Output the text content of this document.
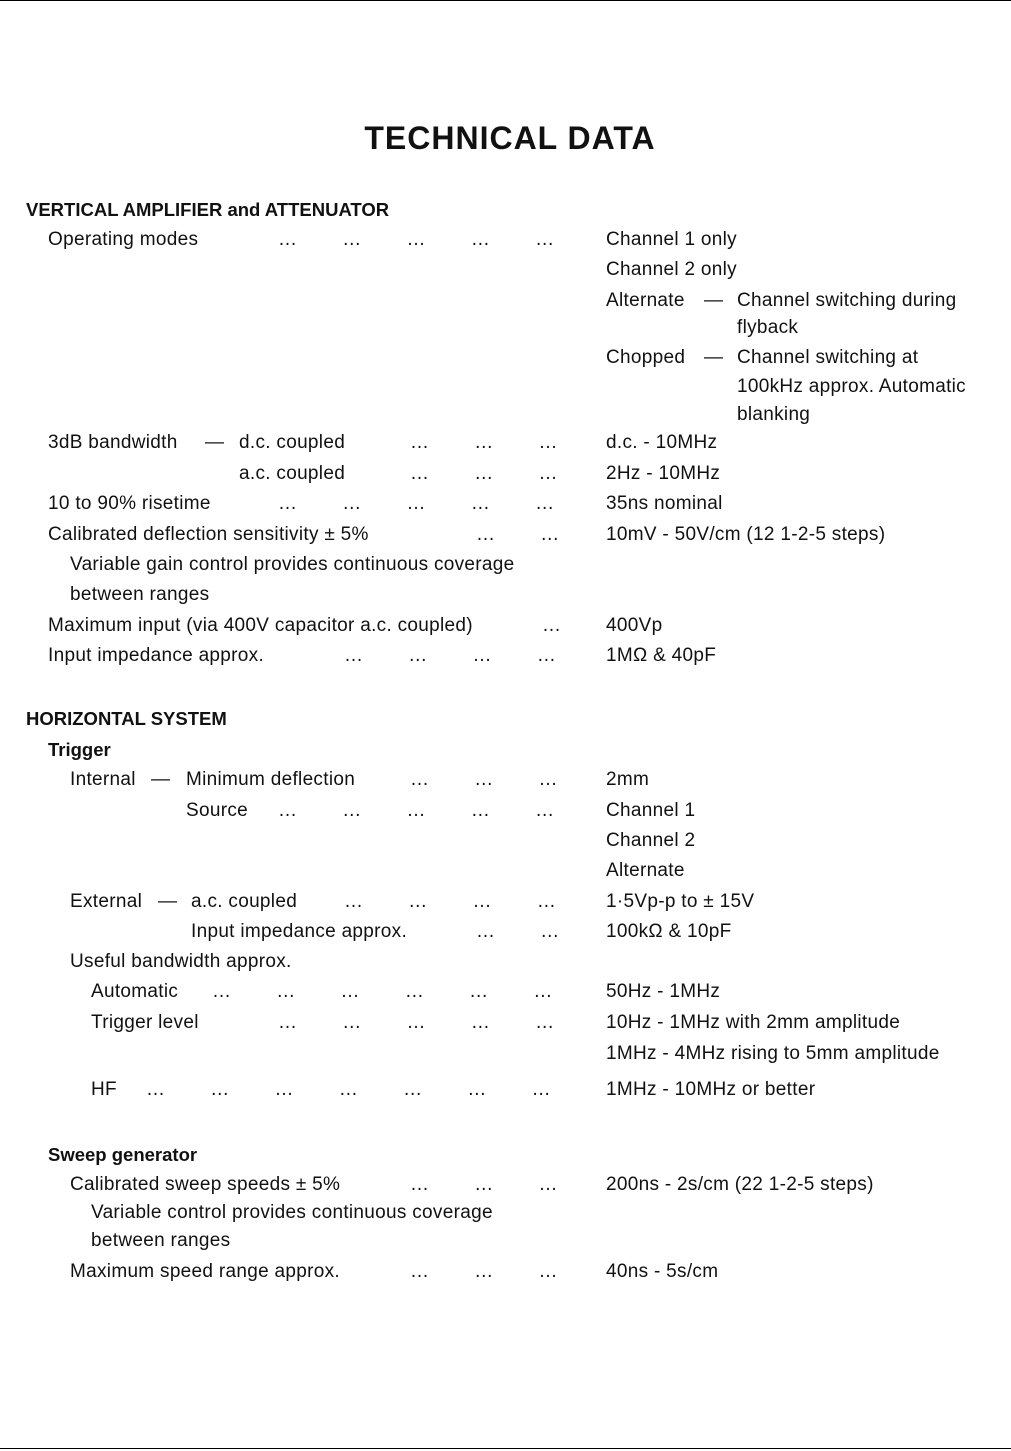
TECHNICAL DATA
VERTICAL AMPLIFIER and ATTENUATOR
Operating modes	… … … … …	Channel 1 only
Channel 2 only
Alternate — Channel switching during
flyback
Chopped — Channel switching at
100kHz approx. Automatic
blanking
3dB bandwidth — d.c. coupled	… … …	d.c. - 10MHz
a.c. coupled	… … …	2Hz - 10MHz
10 to 90% risetime	… … … … …	35ns nominal
Calibrated deflection sensitivity ± 5%	… … 10mV - 50V/cm (12 1-2-5 steps)
Variable gain control provides continuous coverage
between ranges
Maximum input (via 400V capacitor a.c. coupled)	… 400Vp
Input impedance approx.	… … … …	1MΩ & 40pF
HORIZONTAL SYSTEM
Trigger
Internal — Minimum deflection	… … …	2mm
Source … … … … …	Channel 1
Channel 2
Alternate
External — a.c. coupled … … … …	1·5Vp-p to ± 15V
Input impedance approx.	… … 100kΩ & 10pF
Useful bandwidth approx.
Automatic … … … … … …	50Hz - 1MHz
Trigger level	… … … … …	10Hz - 1MHz with 2mm amplitude
1MHz - 4MHz rising to 5mm amplitude
HF … … … … … … …	1MHz - 10MHz or better
Sweep generator
Calibrated sweep speeds ± 5%	… … …	200ns - 2s/cm (22 1-2-5 steps)
Variable control provides continuous coverage
between ranges
Maximum speed range approx.	… … …	40ns - 5s/cm
